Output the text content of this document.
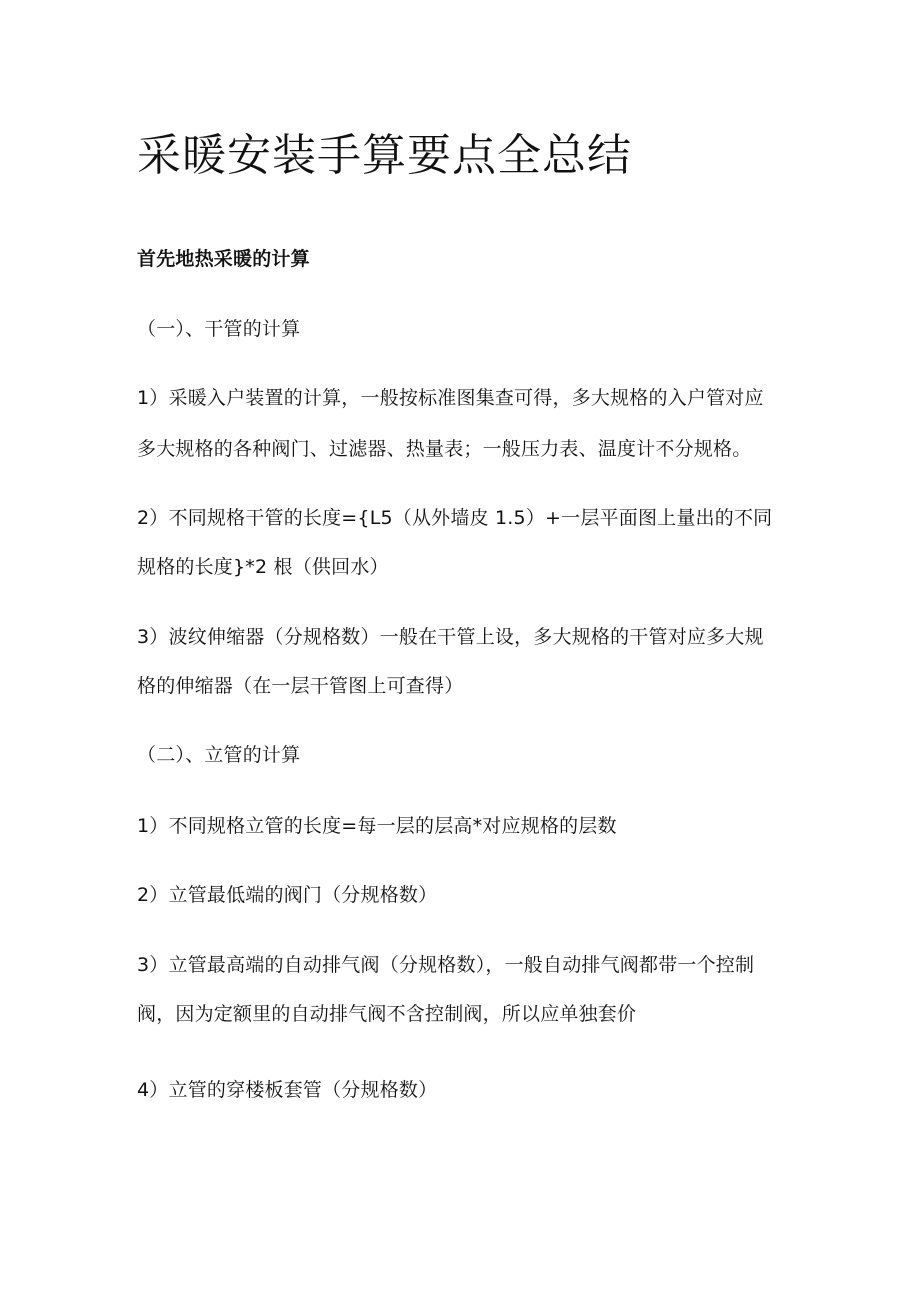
采暖安装手算要点全总结

首先地热采暖的计算

（一）、干管的计算

1）采暖入户装置的计算，一般按标准图集查可得，多大规格的入户管对应

多大规格的各种阀门、过滤器、热量表；一般压力表、温度计不分规格。

2）不同规格干管的长度={L5（从外墙皮 1.5）+一层平面图上量出的不同

规格的长度}*2 根（供回水）

3）波纹伸缩器（分规格数）一般在干管上设，多大规格的干管对应多大规

格的伸缩器（在一层干管图上可查得）

（二）、立管的计算

1）不同规格立管的长度=每一层的层高*对应规格的层数

2）立管最低端的阀门（分规格数）

3）立管最高端的自动排气阀（分规格数），一般自动排气阀都带一个控制

阀，因为定额里的自动排气阀不含控制阀，所以应单独套价

4）立管的穿楼板套管（分规格数）
